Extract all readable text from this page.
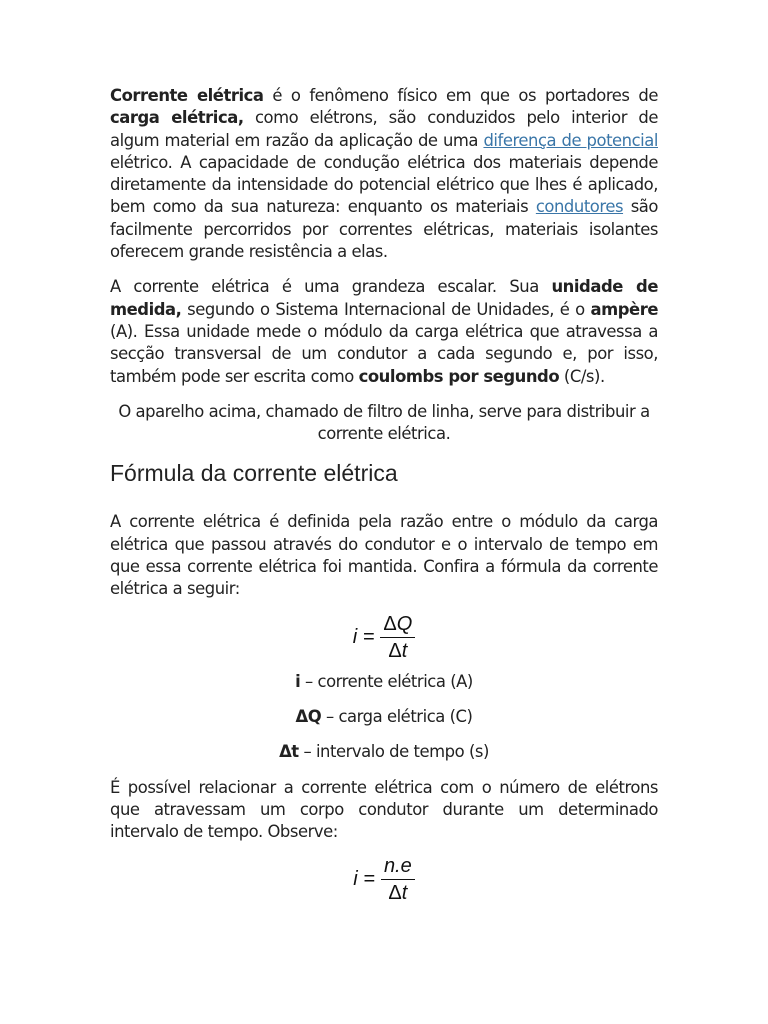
Corrente elétrica é o fenômeno físico em que os portadores de carga elétrica, como elétrons, são conduzidos pelo interior de algum material em razão da aplicação de uma diferença de potencial elétrico. A capacidade de condução elétrica dos materiais depende diretamente da intensidade do potencial elétrico que lhes é aplicado, bem como da sua natureza: enquanto os materiais condutores são facilmente percorridos por correntes elétricas, materiais isolantes oferecem grande resistência a elas.

A corrente elétrica é uma grandeza escalar. Sua unidade de medida, segundo o Sistema Internacional de Unidades, é o ampère (A). Essa unidade mede o módulo da carga elétrica que atravessa a secção transversal de um condutor a cada segundo e, por isso, também pode ser escrita como coulombs por segundo (C/s).

O aparelho acima, chamado de filtro de linha, serve para distribuir a corrente elétrica.

Fórmula da corrente elétrica

A corrente elétrica é definida pela razão entre o módulo da carga elétrica que passou através do condutor e o intervalo de tempo em que essa corrente elétrica foi mantida. Confira a fórmula da corrente elétrica a seguir:

$i = \frac{\Delta Q}{\Delta t}$

i – corrente elétrica (A)

ΔQ – carga elétrica (C)

Δt – intervalo de tempo (s)

É possível relacionar a corrente elétrica com o número de elétrons que atravessam um corpo condutor durante um determinado intervalo de tempo. Observe:

$i = \frac{n.e}{\Delta t}$
